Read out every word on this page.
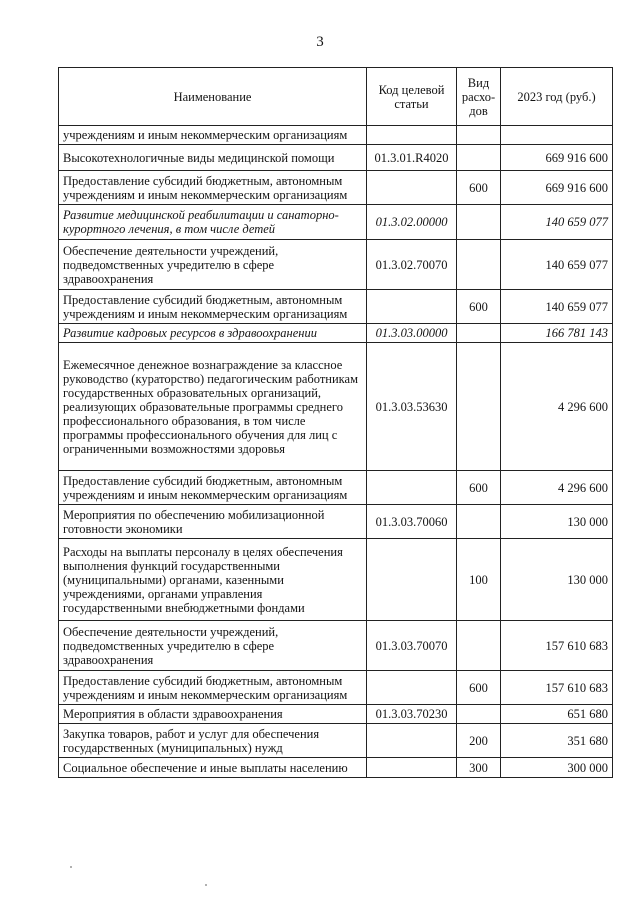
3
Наименование	Код целевой статьи	Вид расхо-дов	2023 год (руб.)
учреждениям и иным некоммерческим организациям			
Высокотехнологичные виды медицинской помощи	01.3.01.R4020		669 916 600
Предоставление субсидий бюджетным, автономным учреждениям и иным некоммерческим организациям		600	669 916 600
Развитие медицинской реабилитации и санаторно-курортного лечения, в том числе детей	01.3.02.00000		140 659 077
Обеспечение деятельности учреждений, подведомственных учредителю в сфере здравоохранения	01.3.02.70070		140 659 077
Предоставление субсидий бюджетным, автономным учреждениям и иным некоммерческим организациям		600	140 659 077
Развитие кадровых ресурсов в здравоохранении	01.3.03.00000		166 781 143
Ежемесячное денежное вознаграждение за классное руководство (кураторство) педагогическим работникам государственных образовательных организаций, реализующих образовательные программы среднего профессионального образования, в том числе программы профессионального обучения для лиц с ограниченными возможностями здоровья	01.3.03.53630		4 296 600
Предоставление субсидий бюджетным, автономным учреждениям и иным некоммерческим организациям		600	4 296 600
Мероприятия по обеспечению мобилизационной готовности экономики	01.3.03.70060		130 000
Расходы на выплаты персоналу в целях обеспечения выполнения функций государственными (муниципальными) органами, казенными учреждениями, органами управления государственными внебюджетными фондами		100	130 000
Обеспечение деятельности учреждений, подведомственных учредителю в сфере здравоохранения	01.3.03.70070		157 610 683
Предоставление субсидий бюджетным, автономным учреждениям и иным некоммерческим организациям		600	157 610 683
Мероприятия в области здравоохранения	01.3.03.70230		651 680
Закупка товаров, работ и услуг для обеспечения государственных (муниципальных) нужд		200	351 680
Социальное обеспечение и иные выплаты населению		300	300 000
